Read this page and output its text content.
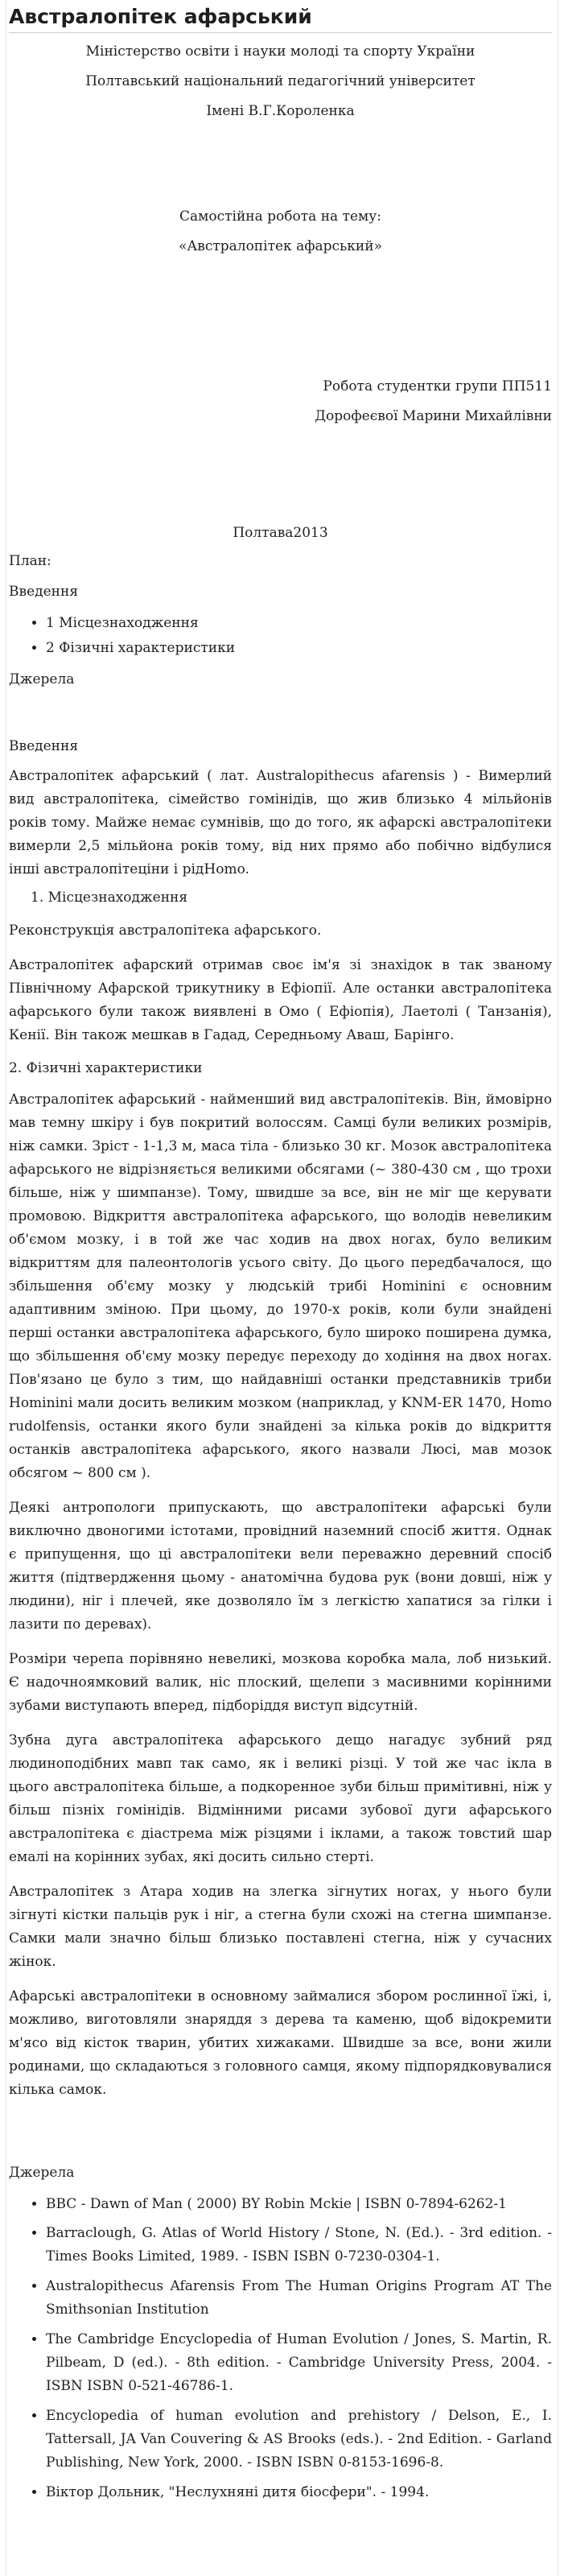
Австралопітек афарський

Міністерство освіти і науки молоді та спорту України

Полтавський національний педагогічний університет

Імені В.Г.Короленка

Самостійна робота на тему:

«Австралопітек афарський»

Робота студентки групи ПП511

Дорофеєвої Марини Михайлівни

Полтава2013

План:

Введення

• 1 Місцезнаходження
• 2 Фізичні характеристики

Джерела

Введення

Австралопітек афарський ( лат. Australopithecus afarensis ) - Вимерлий вид австралопітека, сімейство гомінідів, що жив близько 4 мільйонів років тому. Майже немає сумнівів, що до того, як афарскі австралопітеки вимерли 2,5 мільйона років тому, від них прямо або побічно відбулися інші австралопітеціни і рідHomo.

1. Місцезнаходження

Реконструкція австралопітека афарського.

Австралопітек афарский отримав своє ім'я зі знахідок в так званому Північному Афарской трикутнику в Ефіопії. Але останки австралопітека афарського були також виявлені в Омо ( Ефіопія), Лаетолі ( Танзанія), Кенії. Він також мешкав в Гадад, Середньому Аваш, Барінго.

2. Фізичні характеристики

Австралопітек афарський - найменший вид австралопітеків. Він, ймовірно мав темну шкіру і був покритий волоссям. Самці були великих розмірів, ніж самки. Зріст - 1-1,3 м, маса тіла - близько 30 кг. Мозок австралопітека афарського не відрізняється великими обсягами (~ 380-430 см , що трохи більше, ніж у шимпанзе). Тому, швидше за все, він не міг ще керувати промовою. Відкриття австралопітека афарського, що володів невеликим об'ємом мозку, і в той же час ходив на двох ногах, було великим відкриттям для палеонтологів усього світу. До цього передбачалося, що збільшення об'єму мозку у людській трибі Hominini є основним адаптивним зміною. При цьому, до 1970-х років, коли були знайдені перші останки австралопітека афарського, було широко поширена думка, що збільшення об'єму мозку передує переходу до ходіння на двох ногах. Пов'язано це було з тим, що найдавніші останки представників триби Hominini мали досить великим мозком (наприклад, у KNM-ER 1470, Homo rudolfensis, останки якого були знайдені за кілька років до відкриття останків австралопітека афарського, якого назвали Люсі, мав мозок обсягом ~ 800 см ).

Деякі антропологи припускають, що австралопітеки афарські були виключно двоногими істотами, провідний наземний спосіб життя. Однак є припущення, що ці австралопітеки вели переважно деревний спосіб життя (підтвердження цьому - анатомічна будова рук (вони довші, ніж у людини), ніг і плечей, яке дозволяло їм з легкістю хапатися за гілки і лазити по деревах).

Розміри черепа порівняно невеликі, мозкова коробка мала, лоб низький. Є надочноямковий валик, ніс плоский, щелепи з масивними корінними зубами виступають вперед, підборіддя виступ відсутній.

Зубна дуга австралопітека афарського дещо нагадує зубний ряд людиноподібних мавп так само, як і великі різці. У той же час ікла в цього австралопітека більше, а подкоренное зуби більш примітивні, ніж у більш пізніх гомінідів. Відмінними рисами зубової дуги афарського австралопітека є діастрема між різцями і іклами, а також товстий шар емалі на корінних зубах, які досить сильно стерті.

Австралопітек з Атара ходив на злегка зігнутих ногах, у нього були зігнуті кістки пальців рук і ніг, а стегна були схожі на стегна шимпанзе. Самки мали значно більш близько поставлені стегна, ніж у сучасних жінок.

Афарські австралопітеки в основному займалися збором рослинної їжі, і, можливо, виготовляли знаряддя з дерева та каменю, щоб відокремити м'ясо від кісток тварин, убитих хижаками. Швидше за все, вони жили родинами, що складаються з головного самця, якому підпорядковувалися кілька самок.

Джерела

• BBC - Dawn of Man ( 2000) BY Robin Mckie | ISBN 0-7894-6262-1
• Barraclough, G. Atlas of World History / Stone, N. (Ed.). - 3rd edition. - Times Books Limited, 1989. - ISBN ISBN 0-7230-0304-1.
• Australopithecus Afarensis From The Human Origins Program AT The Smithsonian Institution
• The Cambridge Encyclopedia of Human Evolution / Jones, S. Martin, R. Pilbeam, D (ed.). - 8th edition. - Cambridge University Press, 2004. - ISBN ISBN 0-521-46786-1.
• Encyclopedia of human evolution and prehistory / Delson, E., I. Tattersall, JA Van Couvering & AS Brooks (eds.). - 2nd Edition. - Garland Publishing, New York, 2000. - ISBN ISBN 0-8153-1696-8.
• Віктор Дольник, "Неслухняні дитя біосфери". - 1994.
